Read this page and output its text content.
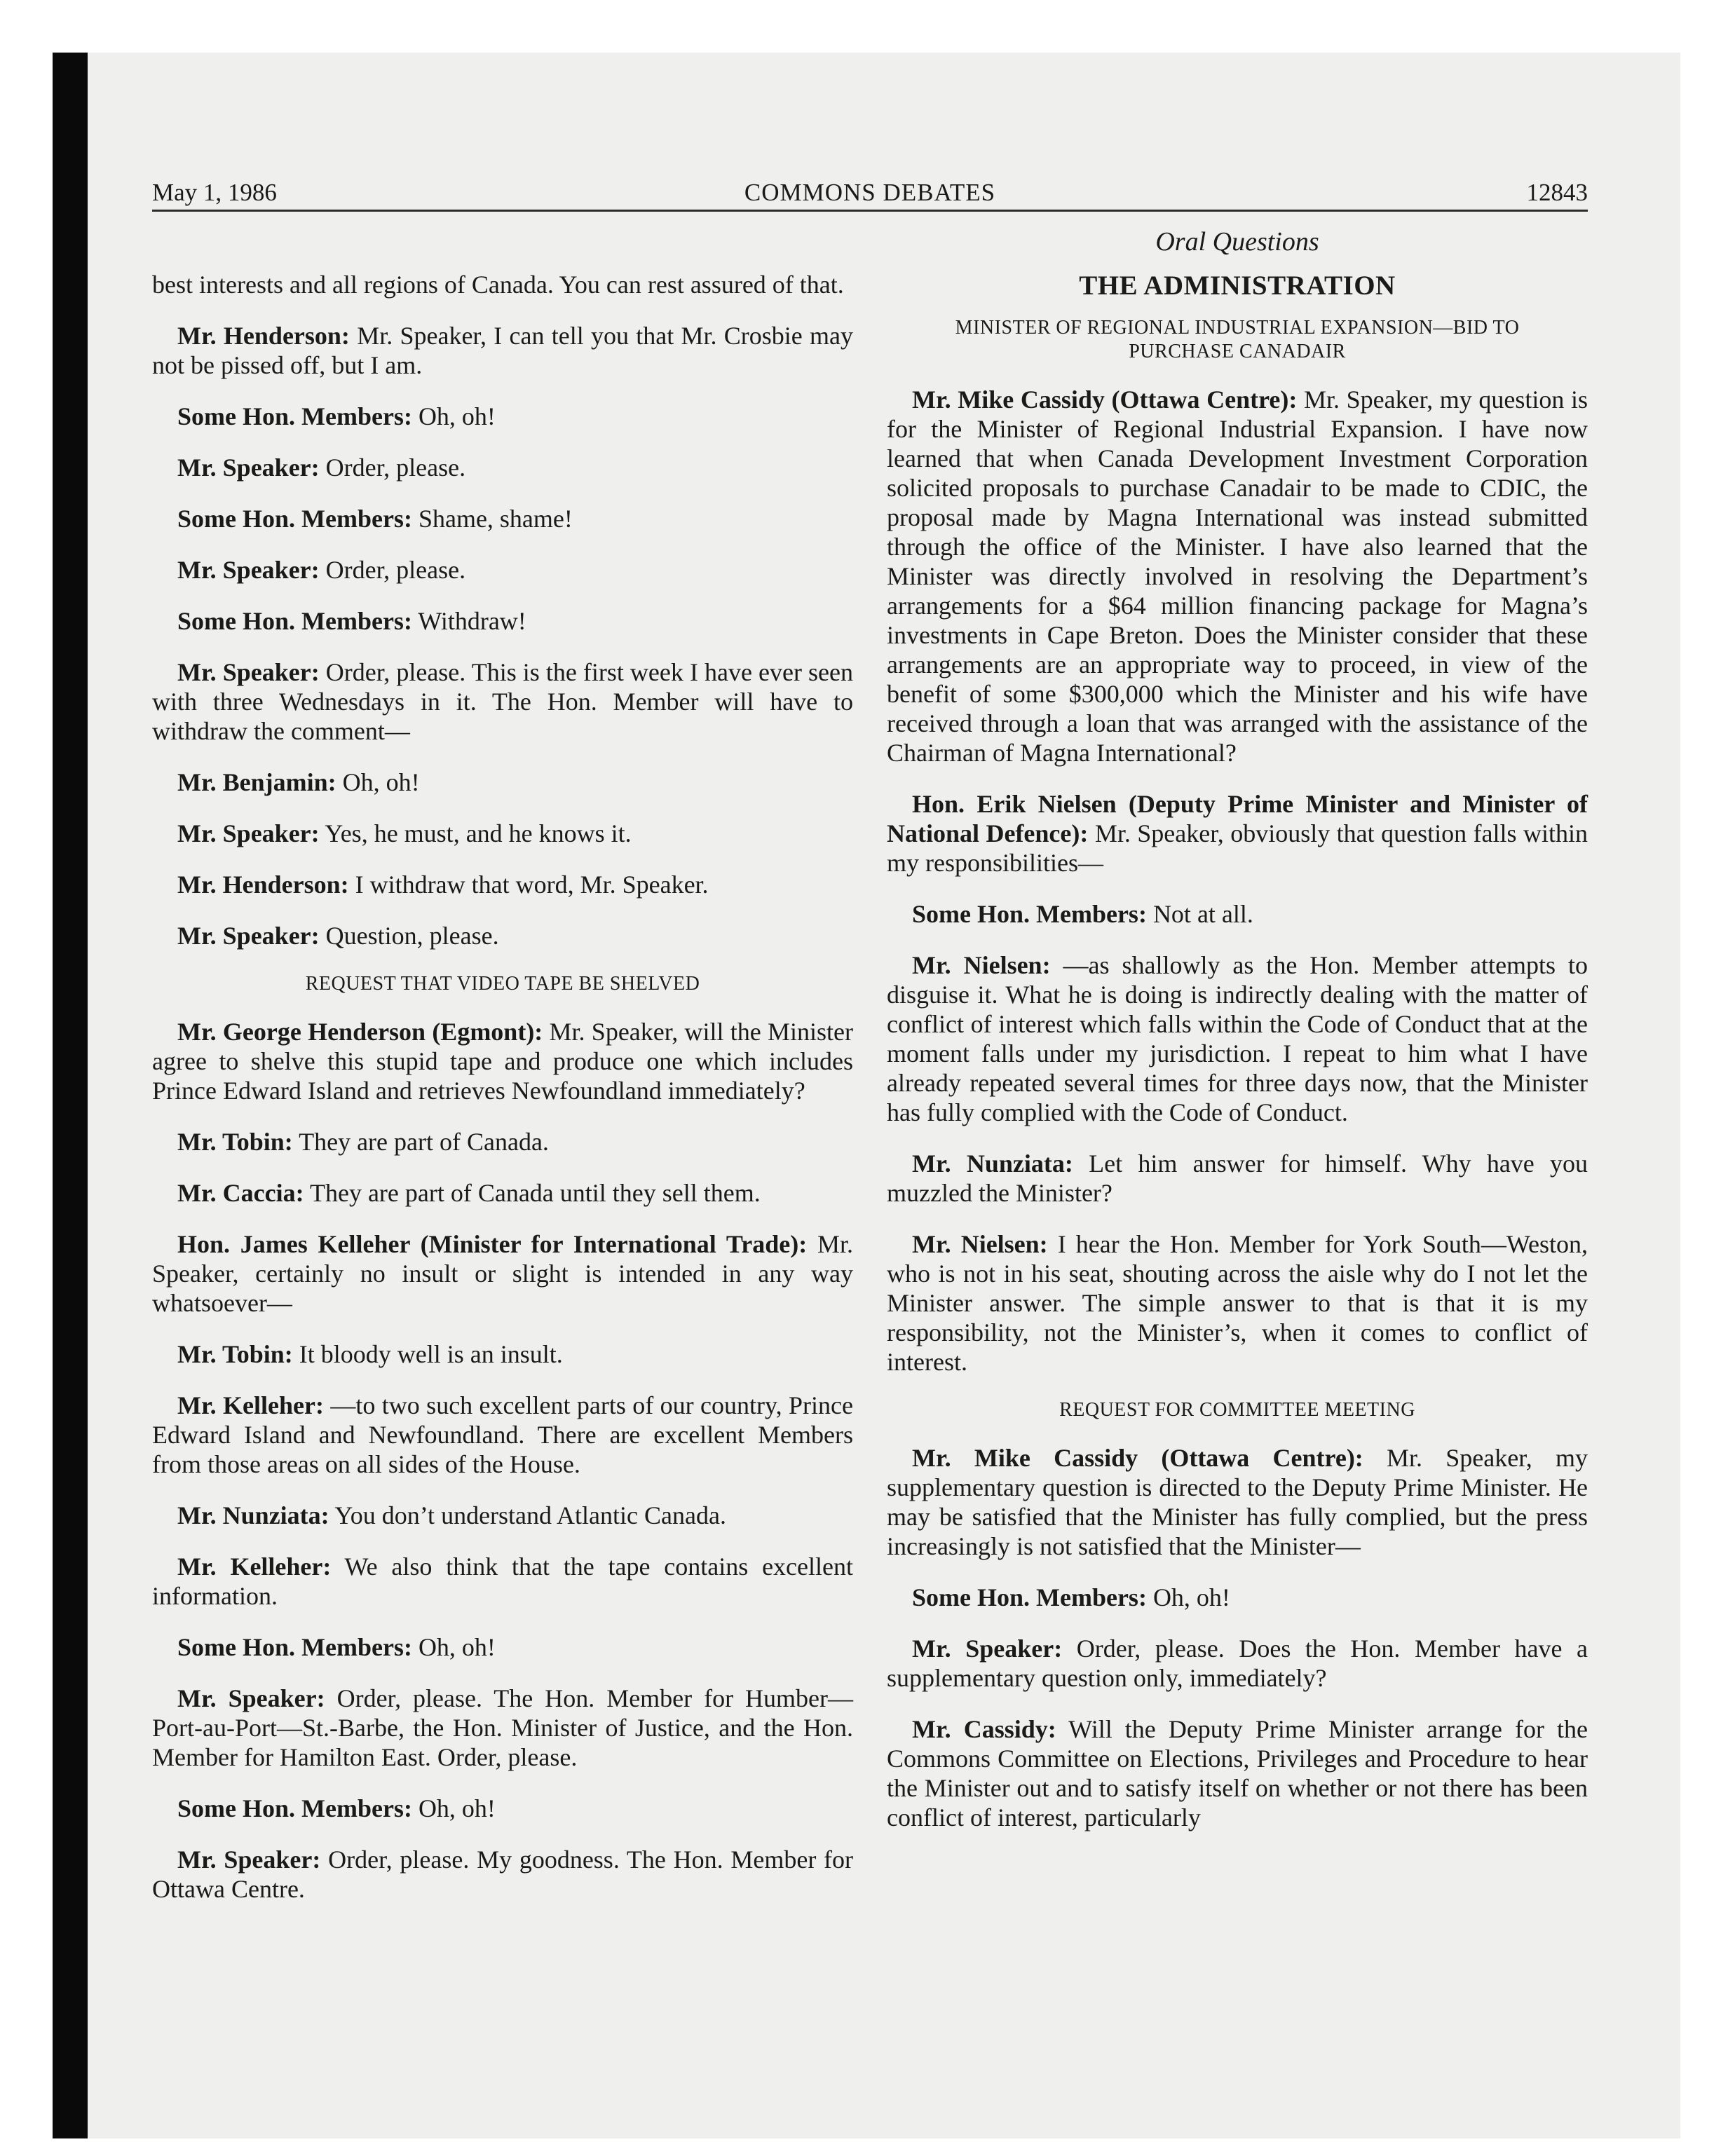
May 1, 1986	COMMONS DEBATES	12843
best interests and all regions of Canada. You can rest assured of that.
Mr. Henderson: Mr. Speaker, I can tell you that Mr. Crosbie may not be pissed off, but I am.
Some Hon. Members: Oh, oh!
Mr. Speaker: Order, please.
Some Hon. Members: Shame, shame!
Mr. Speaker: Order, please.
Some Hon. Members: Withdraw!
Mr. Speaker: Order, please. This is the first week I have ever seen with three Wednesdays in it. The Hon. Member will have to withdraw the comment—
Mr. Benjamin: Oh, oh!
Mr. Speaker: Yes, he must, and he knows it.
Mr. Henderson: I withdraw that word, Mr. Speaker.
Mr. Speaker: Question, please.
REQUEST THAT VIDEO TAPE BE SHELVED
Mr. George Henderson (Egmont): Mr. Speaker, will the Minister agree to shelve this stupid tape and produce one which includes Prince Edward Island and retrieves Newfoundland immediately?
Mr. Tobin: They are part of Canada.
Mr. Caccia: They are part of Canada until they sell them.
Hon. James Kelleher (Minister for International Trade): Mr. Speaker, certainly no insult or slight is intended in any way whatsoever—
Mr. Tobin: It bloody well is an insult.
Mr. Kelleher: —to two such excellent parts of our country, Prince Edward Island and Newfoundland. There are excellent Members from those areas on all sides of the House.
Mr. Nunziata: You don’t understand Atlantic Canada.
Mr. Kelleher: We also think that the tape contains excellent information.
Some Hon. Members: Oh, oh!
Mr. Speaker: Order, please. The Hon. Member for Humber—Port-au-Port—St.-Barbe, the Hon. Minister of Justice, and the Hon. Member for Hamilton East. Order, please.
Some Hon. Members: Oh, oh!
Mr. Speaker: Order, please. My goodness. The Hon. Member for Ottawa Centre.
Oral Questions
THE ADMINISTRATION
MINISTER OF REGIONAL INDUSTRIAL EXPANSION—BID TO PURCHASE CANADAIR
Mr. Mike Cassidy (Ottawa Centre): Mr. Speaker, my question is for the Minister of Regional Industrial Expansion. I have now learned that when Canada Development Investment Corporation solicited proposals to purchase Canadair to be made to CDIC, the proposal made by Magna International was instead submitted through the office of the Minister. I have also learned that the Minister was directly involved in resolving the Department’s arrangements for a $64 million financing package for Magna’s investments in Cape Breton. Does the Minister consider that these arrangements are an appropriate way to proceed, in view of the benefit of some $300,000 which the Minister and his wife have received through a loan that was arranged with the assistance of the Chairman of Magna International?
Hon. Erik Nielsen (Deputy Prime Minister and Minister of National Defence): Mr. Speaker, obviously that question falls within my responsibilities—
Some Hon. Members: Not at all.
Mr. Nielsen: —as shallowly as the Hon. Member attempts to disguise it. What he is doing is indirectly dealing with the matter of conflict of interest which falls within the Code of Conduct that at the moment falls under my jurisdiction. I repeat to him what I have already repeated several times for three days now, that the Minister has fully complied with the Code of Conduct.
Mr. Nunziata: Let him answer for himself. Why have you muzzled the Minister?
Mr. Nielsen: I hear the Hon. Member for York South—Weston, who is not in his seat, shouting across the aisle why do I not let the Minister answer. The simple answer to that is that it is my responsibility, not the Minister’s, when it comes to conflict of interest.
REQUEST FOR COMMITTEE MEETING
Mr. Mike Cassidy (Ottawa Centre): Mr. Speaker, my supplementary question is directed to the Deputy Prime Minister. He may be satisfied that the Minister has fully complied, but the press increasingly is not satisfied that the Minister—
Some Hon. Members: Oh, oh!
Mr. Speaker: Order, please. Does the Hon. Member have a supplementary question only, immediately?
Mr. Cassidy: Will the Deputy Prime Minister arrange for the Commons Committee on Elections, Privileges and Procedure to hear the Minister out and to satisfy itself on whether or not there has been conflict of interest, particularly
